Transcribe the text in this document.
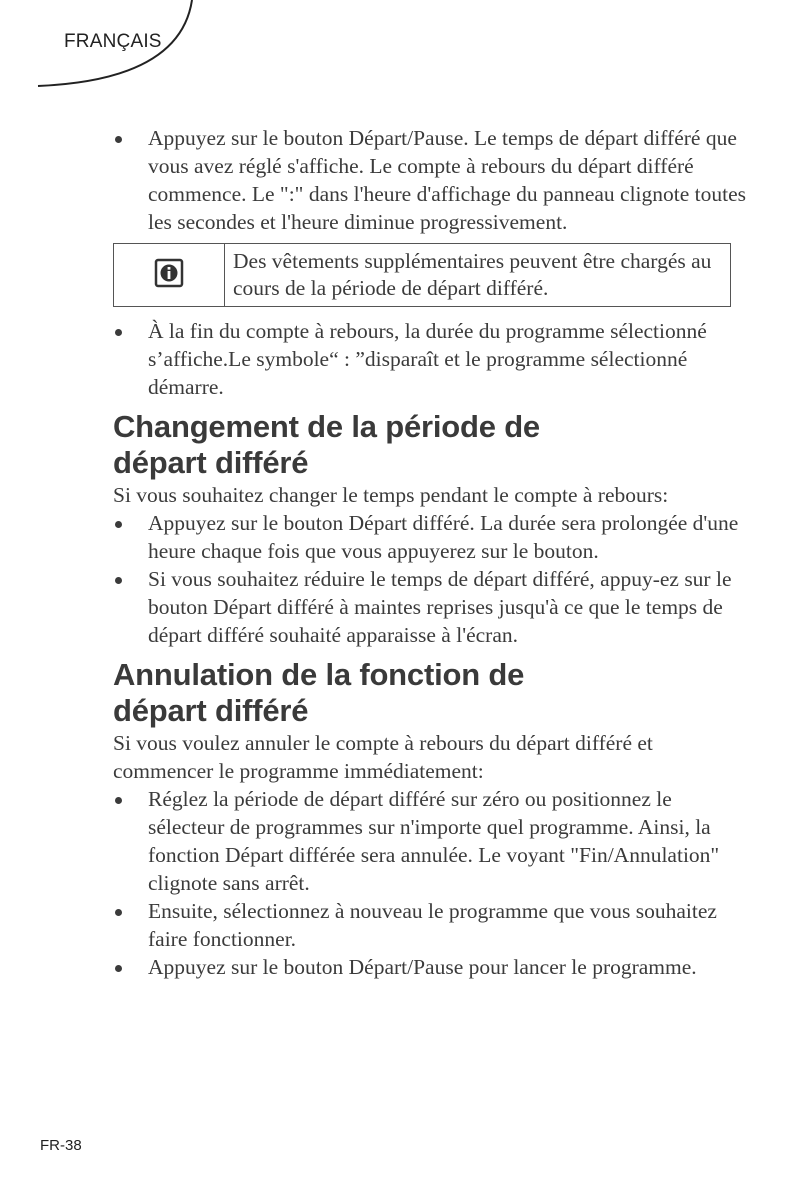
FRANÇAIS
Appuyez sur le bouton Départ/Pause. Le temps de départ différé que vous avez réglé s'affiche. Le compte à rebours du départ différé commence. Le ":" dans l'heure d'affichage du panneau clignote toutes les secondes et l'heure diminue progressivement.
	Des vêtements supplémentaires peuvent être chargés au cours de la période de départ différé.
À la fin du compte à rebours, la durée du programme sélectionné s’affiche.Le symbole“ : ”disparaît et le programme sélectionné démarre.
Changement de la période de
départ différé

Si vous souhaitez changer le temps pendant le compte à rebours:

Appuyez sur le bouton Départ différé. La durée sera prolongée d'une heure chaque fois que vous appuyerez sur le bouton.
Si vous souhaitez réduire le temps de départ différé, appuy-ez sur le bouton Départ différé à maintes reprises jusqu'à ce que le temps de départ différé souhaité apparaisse à l'écran.
Annulation de la fonction de
départ différé

Si vous voulez annuler le compte à rebours du départ différé et commencer le programme immédiatement:

Réglez la période de départ différé sur zéro ou positionnez le sélecteur de programmes sur n'importe quel programme. Ainsi, la fonction Départ différée sera annulée. Le voyant "Fin/Annulation" clignote sans arrêt.
Ensuite, sélectionnez à nouveau le programme que vous souhaitez faire fonctionner.
Appuyez sur le bouton Départ/Pause pour lancer le programme.
FR-38
